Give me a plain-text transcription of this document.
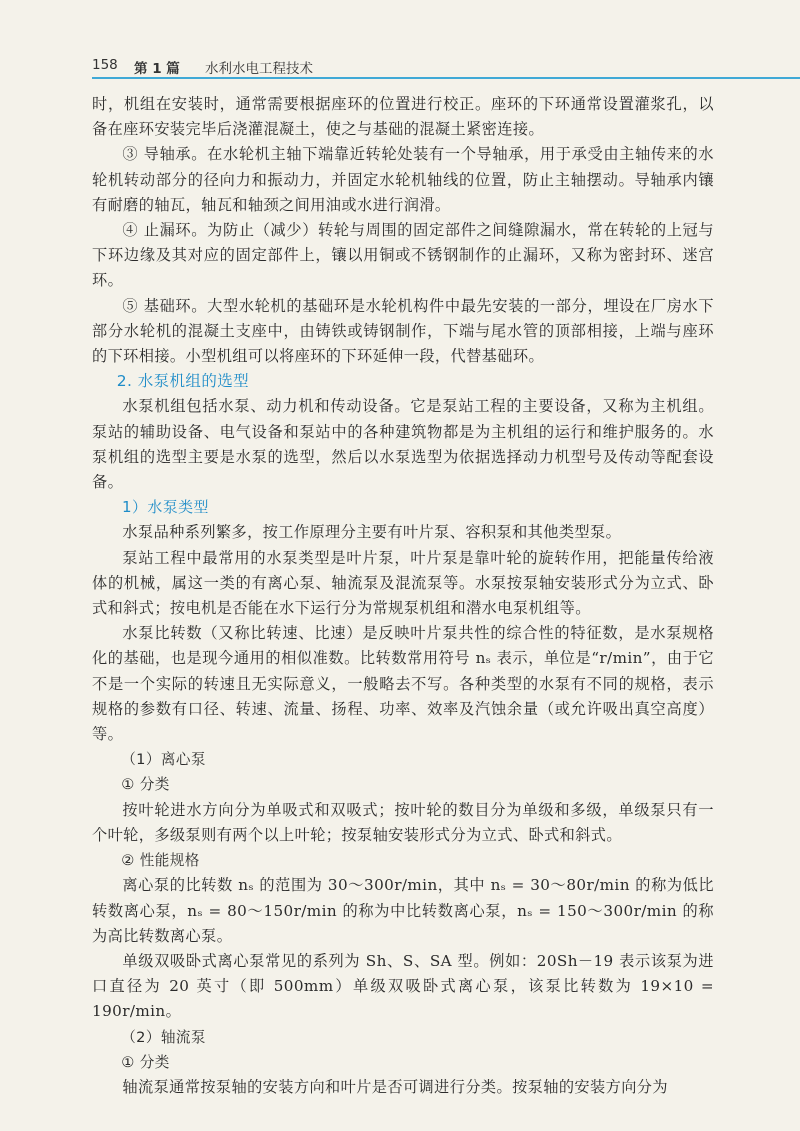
158 第 1 篇 水利水电工程技术

时，机组在安装时，通常需要根据座环的位置进行校正。座环的下环通常设置灌浆孔，以备在座环安装完毕后浇灌混凝土，使之与基础的混凝土紧密连接。

③ 导轴承。在水轮机主轴下端靠近转轮处装有一个导轴承，用于承受由主轴传来的水轮机转动部分的径向力和振动力，并固定水轮机轴线的位置，防止主轴摆动。导轴承内镶有耐磨的轴瓦，轴瓦和轴颈之间用油或水进行润滑。

④ 止漏环。为防止（减少）转轮与周围的固定部件之间缝隙漏水，常在转轮的上冠与下环边缘及其对应的固定部件上，镶以用铜或不锈钢制作的止漏环，又称为密封环、迷宫环。

⑤ 基础环。大型水轮机的基础环是水轮机构件中最先安装的一部分，埋设在厂房水下部分水轮机的混凝土支座中，由铸铁或铸钢制作，下端与尾水管的顶部相接，上端与座环的下环相接。小型机组可以将座环的下环延伸一段，代替基础环。

2. 水泵机组的选型

水泵机组包括水泵、动力机和传动设备。它是泵站工程的主要设备，又称为主机组。泵站的辅助设备、电气设备和泵站中的各种建筑物都是为主机组的运行和维护服务的。水泵机组的选型主要是水泵的选型，然后以水泵选型为依据选择动力机型号及传动等配套设备。

1）水泵类型

水泵品种系列繁多，按工作原理分主要有叶片泵、容积泵和其他类型泵。

泵站工程中最常用的水泵类型是叶片泵，叶片泵是靠叶轮的旋转作用，把能量传给液体的机械，属这一类的有离心泵、轴流泵及混流泵等。水泵按泵轴安装形式分为立式、卧式和斜式；按电机是否能在水下运行分为常规泵机组和潜水电泵机组等。

水泵比转数（又称比转速、比速）是反映叶片泵共性的综合性的特征数，是水泵规格化的基础，也是现今通用的相似准数。比转数常用符号 nₛ 表示，单位是“r/min”，由于它不是一个实际的转速且无实际意义，一般略去不写。各种类型的水泵有不同的规格，表示规格的参数有口径、转速、流量、扬程、功率、效率及汽蚀余量（或允许吸出真空高度）等。

（1）离心泵

① 分类

按叶轮进水方向分为单吸式和双吸式；按叶轮的数目分为单级和多级，单级泵只有一个叶轮，多级泵则有两个以上叶轮；按泵轴安装形式分为立式、卧式和斜式。

② 性能规格

离心泵的比转数 nₛ 的范围为 30～300r/min，其中 nₛ = 30～80r/min 的称为低比转数离心泵，nₛ = 80～150r/min 的称为中比转数离心泵，nₛ = 150～300r/min 的称为高比转数离心泵。

单级双吸卧式离心泵常见的系列为 Sh、S、SA 型。例如：20Sh－19 表示该泵为进口直径为 20 英寸（即 500mm）单级双吸卧式离心泵，该泵比转数为 19×10 = 190r/min。

（2）轴流泵

① 分类

轴流泵通常按泵轴的安装方向和叶片是否可调进行分类。按泵轴的安装方向分为
